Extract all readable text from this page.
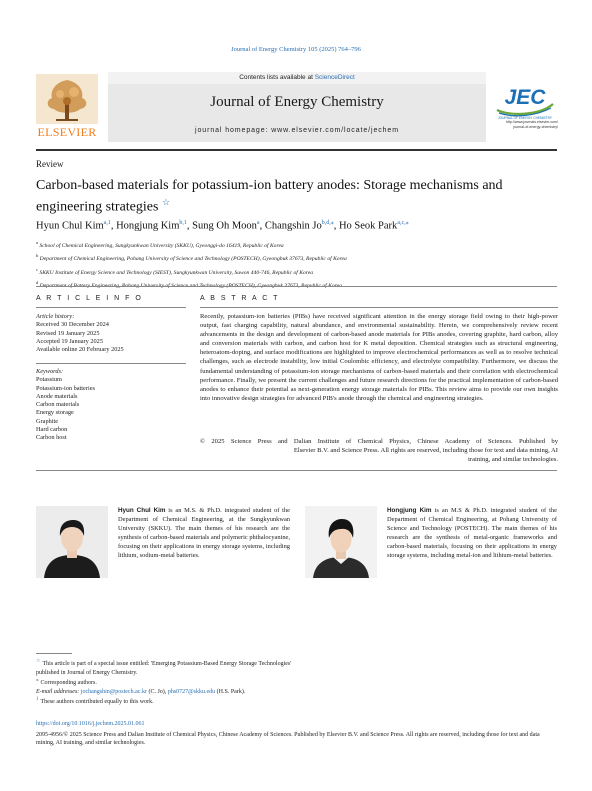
Journal of Energy Chemistry 105 (2025) 764–796
ELSEVIER
Contents lists available at ScienceDirect
Journal of Energy Chemistry
journal homepage: www.elsevier.com/locate/jechem
JEC
JOURNAL OF ENERGY CHEMISTRY
http://www.journals.elsevier.com/
journal-of-energy-chemistry/
Review
Carbon-based materials for potassium-ion battery anodes: Storage mechanisms and engineering strategies ☆
Hyun Chul Kim$^{a,1}$, Hongjung Kim$^{b,1}$, Sung Oh Moon$^a$, Changshin $Jo^{b,d,⁎}$, Ho Seok Park$^{a,c,⁎}$
$^a$ School of Chemical Engineering, Sungkyunkwan University (SKKU), Gyeonggi-do 16419, Republic of Korea
$^b$ Department of Chemical Engineering, Pohang University of Science and Technology (POSTECH), Gyeongbuk 37673, Republic of Korea
$^c$ SKKU Institute of Energy Science and Technology (SIEST), Sungkyunkwan University, Suwon 440-746, Republic of Korea
$^d$ Department of Battery Engineering, Pohang University of Science and Technology (POSTECH), Gyeongbuk 37673, Republic of Korea
A R T I C L E I N F O	A B S T R A C T
Article history:
Received 30 December 2024
Revised 19 January 2025
Accepted 19 January 2025
Available online 20 February 2025
Keywords:
Potassium
Potassium-ion batteries
Anode materials
Carbon materials
Energy storage
Graphite
Hard carbon
Carbon host
Recently, potassium-ion batteries (PIBs) have received significant attention in the energy storage field owing to their high-power output, fast charging capability, natural abundance, and environmental sustainability. Herein, we comprehensively review recent advancements in the design and development of carbon-based anode materials for PIBs anodes, covering graphite, hard carbon, alloy and conversion materials with carbon, and carbon host for K metal deposition. Chemical strategies such as structural engineering, heteroatom-doping, and surface modifications are highlighted to improve electrochemical performances as well as to resolve technical challenges, such as electrode instability, low initial Coulombic efficiency, and electrolyte compatibility. Furthermore, we discuss the fundamental understanding of potassium-ion storage mechanisms of carbon-based materials and their correlation with electrochemical performance. Finally, we present the current challenges and future research directions for the practical implementation of carbon-based anodes to enhance their potential as next-generation energy storage materials for PIBs. This review aims to provide our own insights into innovative design strategies for advanced PIB's anode through the chemical and engineering strategies.
© 2025 Science Press and Dalian Institute of Chemical Physics, Chinese Academy of Sciences. Published by
Elsevier B.V. and Science Press. All rights are reserved, including those for text and data mining, AI
training, and similar technologies.
Hyun Chul Kim is an M.S. & Ph.D. integrated student of the Department of Chemical Engineering, at the Sungkyunkwan University (SKKU). The main themes of his research are the synthesis of carbon-based materials and polymeric phthalocyanine, focusing on their applications in energy storage systems, including lithium, sodium-metal batteries.
Hongjung Kim is an M.S & Ph.D. integrated student of the Department of Chemical Engineering, at Pohang University of Science and Technology (POSTECH). The main themes of his research are the synthesis of metal-organic frameworks and carbon-based materials, focusing on their applications in energy storage systems, including metal-ion and lithium-metal batteries.
☆ This article is part of a special issue entitled: 'Emerging Potassium-Based Energy Storage Technologies' published in Journal of Energy Chemistry.
⁎ Corresponding authors.
E-mail addresses: jochangshin@postech.ac.kr (C. Jo), phs0727@skku.edu (H.S. Park).
$^1$ These authors contributed equally to this work.
https://doi.org/10.1016/j.jechem.2025.01.061
2095-4956/© 2025 Science Press and Dalian Institute of Chemical Physics, Chinese Academy of Sciences. Published by Elsevier B.V. and Science Press. All rights are reserved, including those for text and data mining, AI training, and similar technologies.
